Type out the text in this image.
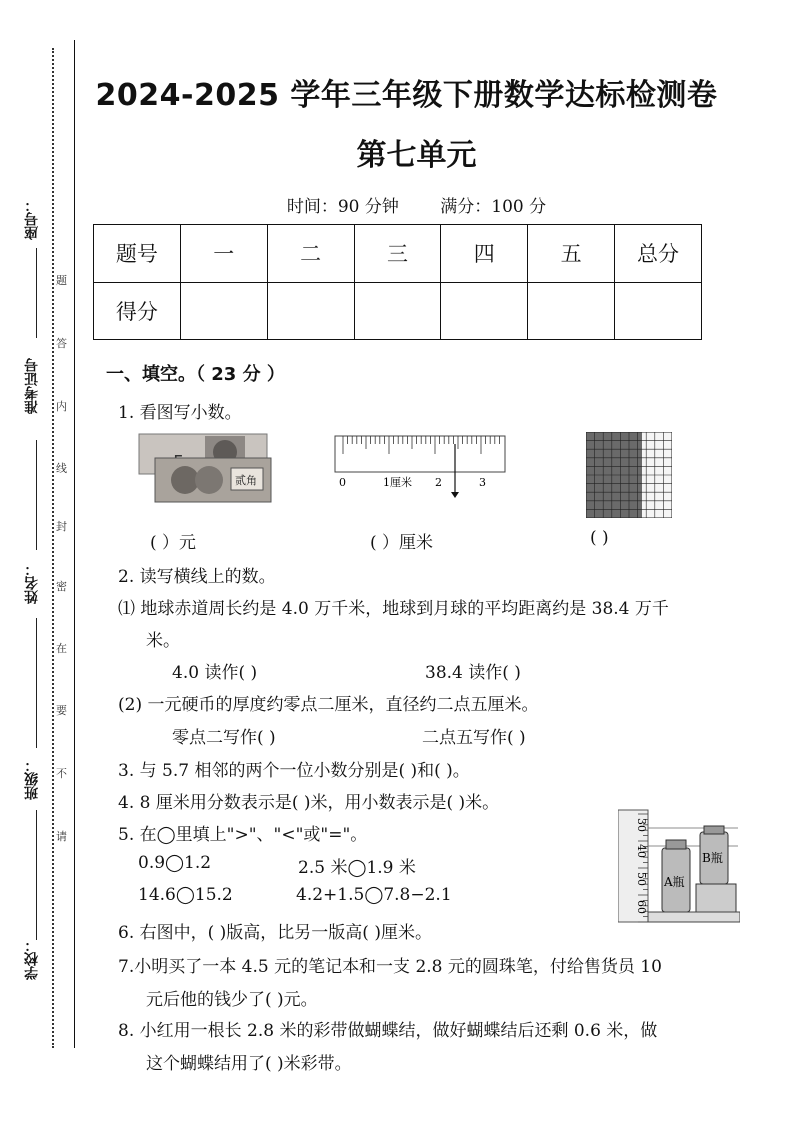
座号：
准考证号
姓名：
班级：
学校：
题
答
内
线
封
密
在
要
不
请
2024-2025 学年三年级下册数学达标检测卷
第七单元
时间：90 分钟 满分：100 分
题号	一	二	三	四	五	总分
得分						
一、填空。（ 23 分 ）
1. 看图写小数。
贰角	0	1厘米 2	3
( ）元	( ）厘米	( )
2. 读写横线上的数。
⑴ 地球赤道周长约是 4.0 万千米，地球到月球的平均距离约是 38.4 万千
米。
4.0 读作( )	38.4 读作( )
(2) 一元硬币的厚度约零点二厘米，直径约二点五厘米。
零点二写作( )	二点五写作( )
3. 与 5.7 相邻的两个一位小数分别是( )和( )。
4. 8 厘米用分数表示是( )米，用小数表示是( )米。
5. 在◯里填上">"、"<"或"="。
0.9◯1.2	2.5 米◯1.9 米
14.6◯15.2	4.2+1.5◯7.8−2.1
30
40
50
60
A瓶
B瓶
6. 右图中，( )版高，比另一版高( )厘米。
7.小明买了一本 4.5 元的笔记本和一支 2.8 元的圆珠笔，付给售货员 10
元后他的钱少了( )元。
8. 小红用一根长 2.8 米的彩带做蝴蝶结，做好蝴蝶结后还剩 0.6 米，做
这个蝴蝶结用了( )米彩带。
